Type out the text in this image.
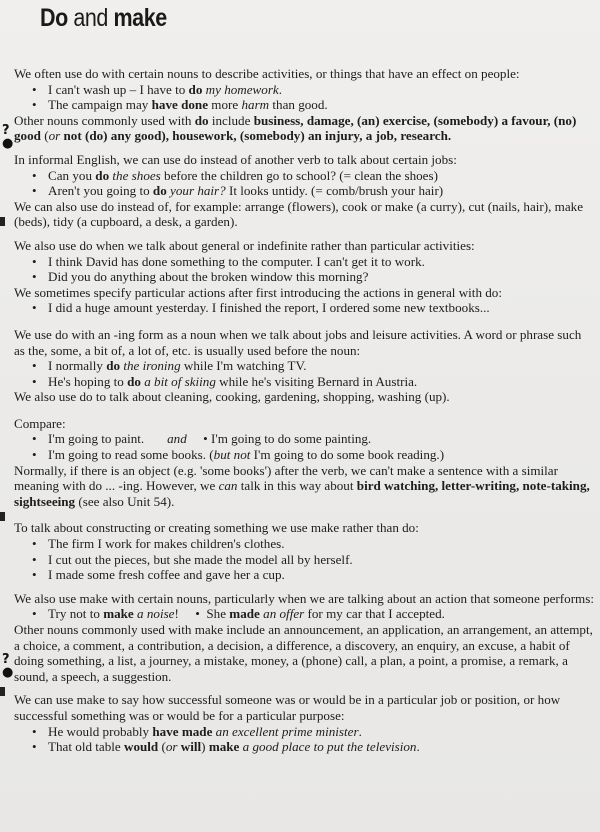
Do and make
?
●
?
●

We often use do with certain nouns to describe activities, or things that have an effect on people:

• I can't wash up – I have to do my homework.
• The campaign may have done more harm than good.

Other nouns commonly used with do include business, damage, (an) exercise, (somebody) a favour, (no) good (or not (do) any good), housework, (somebody) an injury, a job, research.

In informal English, we can use do instead of another verb to talk about certain jobs:

• Can you do the shoes before the children go to school? (= clean the shoes)
• Aren't you going to do your hair? It looks untidy. (= comb/brush your hair)

We can also use do instead of, for example: arrange (flowers), cook or make (a curry), cut (nails, hair), make (beds), tidy (a cupboard, a desk, a garden).

We also use do when we talk about general or indefinite rather than particular activities:

• I think David has done something to the computer. I can't get it to work.
• Did you do anything about the broken window this morning?

We sometimes specify particular actions after first introducing the actions in general with do:

• I did a huge amount yesterday. I finished the report, I ordered some new textbooks...

We use do with an -ing form as a noun when we talk about jobs and leisure activities. A word or phrase such as the, some, a bit of, a lot of, etc. is usually used before the noun:

• I normally do the ironing while I'm watching TV.
• He's hoping to do a bit of skiing while he's visiting Bernard in Austria.

We also use do to talk about cleaning, cooking, gardening, shopping, washing (up).

Compare:

• I'm going to paint. and     • I'm going to do some painting.
• I'm going to read some books. (but not I'm going to do some book reading.)

Normally, if there is an object (e.g. 'some books') after the verb, we can't make a sentence with a similar meaning with do ... -ing. However, we can talk in this way about bird watching, letter-writing, note-taking, sightseeing (see also Unit 54).

To talk about constructing or creating something we use make rather than do:

• The firm I work for makes children's clothes.
• I cut out the pieces, but she made the model all by herself.
• I made some fresh coffee and gave her a cup.

We also use make with certain nouns, particularly when we are talking about an action that someone performs:

• Try not to make a noise!     •  She made an offer for my car that I accepted.

Other nouns commonly used with make include an announcement, an application, an arrangement, an attempt, a choice, a comment, a contribution, a decision, a difference, a discovery, an enquiry, an excuse, a habit of doing something, a list, a journey, a mistake, money, a (phone) call, a plan, a point, a promise, a remark, a sound, a speech, a suggestion.

We can use make to say how successful someone was or would be in a particular job or position, or how successful something was or would be for a particular purpose:

• He would probably have made an excellent prime minister.
• That old table would (or will) make a good place to put the television.
